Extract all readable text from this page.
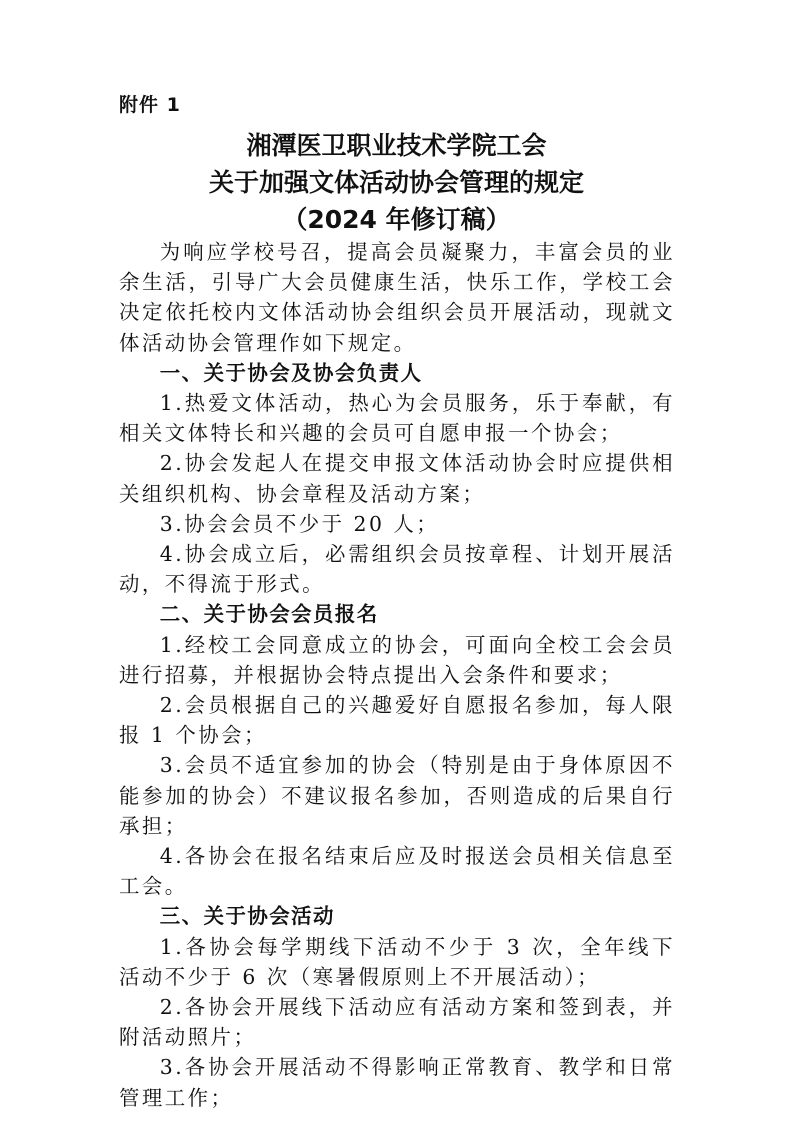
附件 1
湘潭医卫职业技术学院工会
关于加强文体活动协会管理的规定
（2024 年修订稿）

为响应学校号召，提高会员凝聚力，丰富会员的业余生活，引导广大会员健康生活，快乐工作，学校工会决定依托校内文体活动协会组织会员开展活动，现就文体活动协会管理作如下规定。

一、关于协会及协会负责人

1.热爱文体活动，热心为会员服务，乐于奉献，有相关文体特长和兴趣的会员可自愿申报一个协会；

2.协会发起人在提交申报文体活动协会时应提供相关组织机构、协会章程及活动方案；

3.协会会员不少于 20 人；

4.协会成立后，必需组织会员按章程、计划开展活动，不得流于形式。

二、关于协会会员报名

1.经校工会同意成立的协会，可面向全校工会会员进行招募，并根据协会特点提出入会条件和要求；

2.会员根据自己的兴趣爱好自愿报名参加，每人限报 1 个协会；

3.会员不适宜参加的协会（特别是由于身体原因不能参加的协会）不建议报名参加，否则造成的后果自行承担；

4.各协会在报名结束后应及时报送会员相关信息至工会。

三、关于协会活动

1.各协会每学期线下活动不少于 3 次，全年线下活动不少于 6 次（寒暑假原则上不开展活动）；

2.各协会开展线下活动应有活动方案和签到表，并附活动照片；

3.各协会开展活动不得影响正常教育、教学和日常管理工作；
